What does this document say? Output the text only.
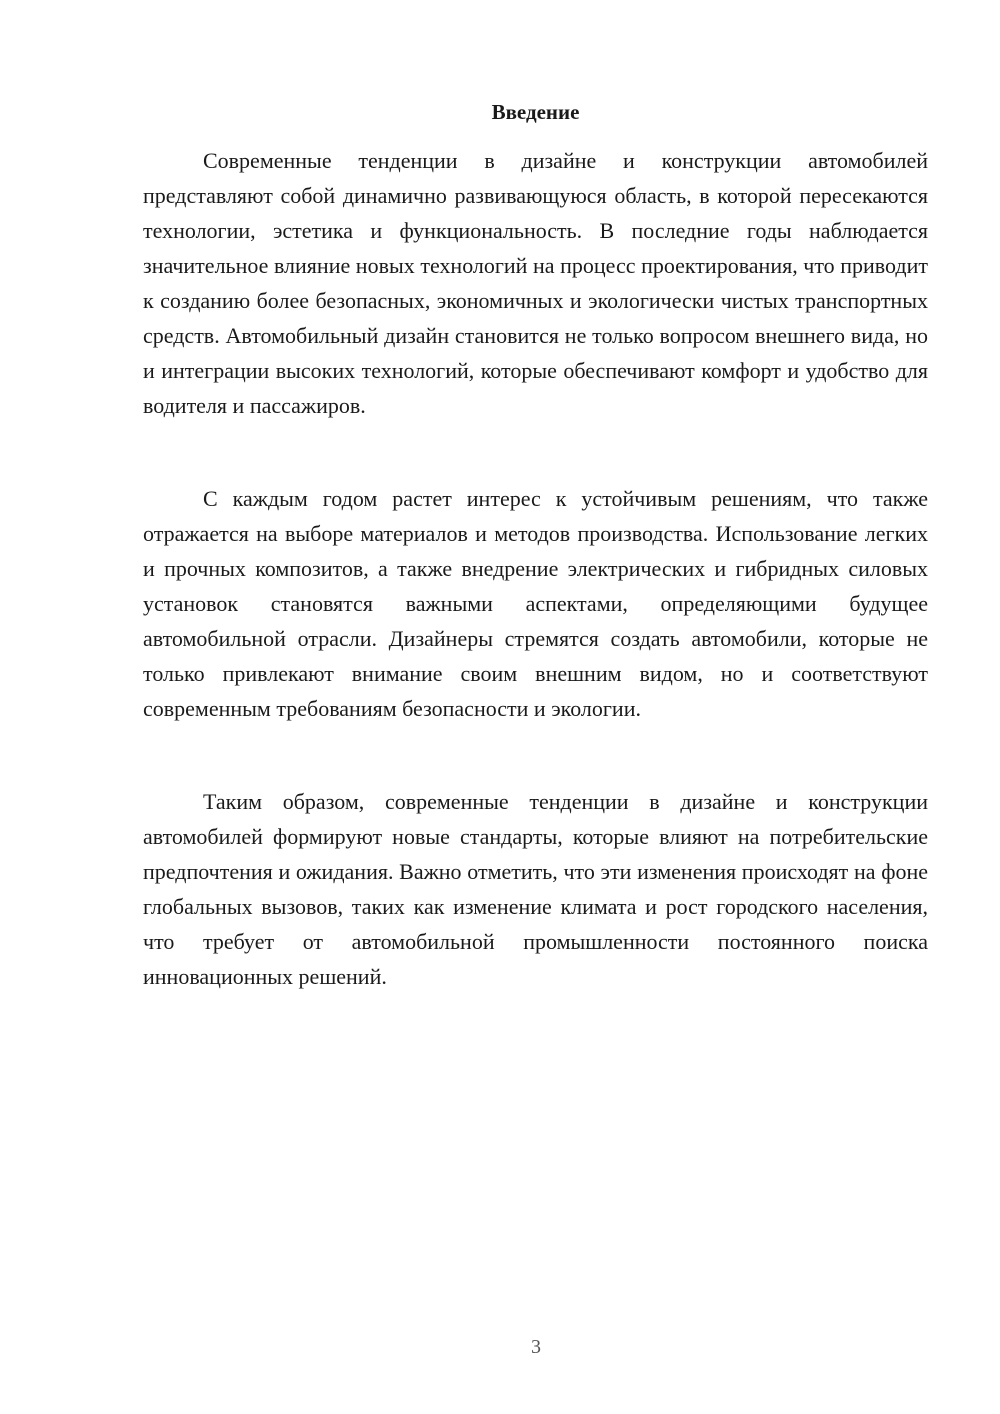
Введение

Современные тенденции в дизайне и конструкции автомобилей представляют собой динамично развивающуюся область, в которой пересекаются технологии, эстетика и функциональность. В последние годы наблюдается значительное влияние новых технологий на процесс проектирования, что приводит к созданию более безопасных, экономичных и экологически чистых транспортных средств. Автомобильный дизайн становится не только вопросом внешнего вида, но и интеграции высоких технологий, которые обеспечивают комфорт и удобство для водителя и пассажиров.

С каждым годом растет интерес к устойчивым решениям, что также отражается на выборе материалов и методов производства. Использование легких и прочных композитов, а также внедрение электрических и гибридных силовых установок становятся важными аспектами, определяющими будущее автомобильной отрасли. Дизайнеры стремятся создать автомобили, которые не только привлекают внимание своим внешним видом, но и соответствуют современным требованиям безопасности и экологии.

Таким образом, современные тенденции в дизайне и конструкции автомобилей формируют новые стандарты, которые влияют на потребительские предпочтения и ожидания. Важно отметить, что эти изменения происходят на фоне глобальных вызовов, таких как изменение климата и рост городского населения, что требует от автомобильной промышленности постоянного поиска инновационных решений.

3
